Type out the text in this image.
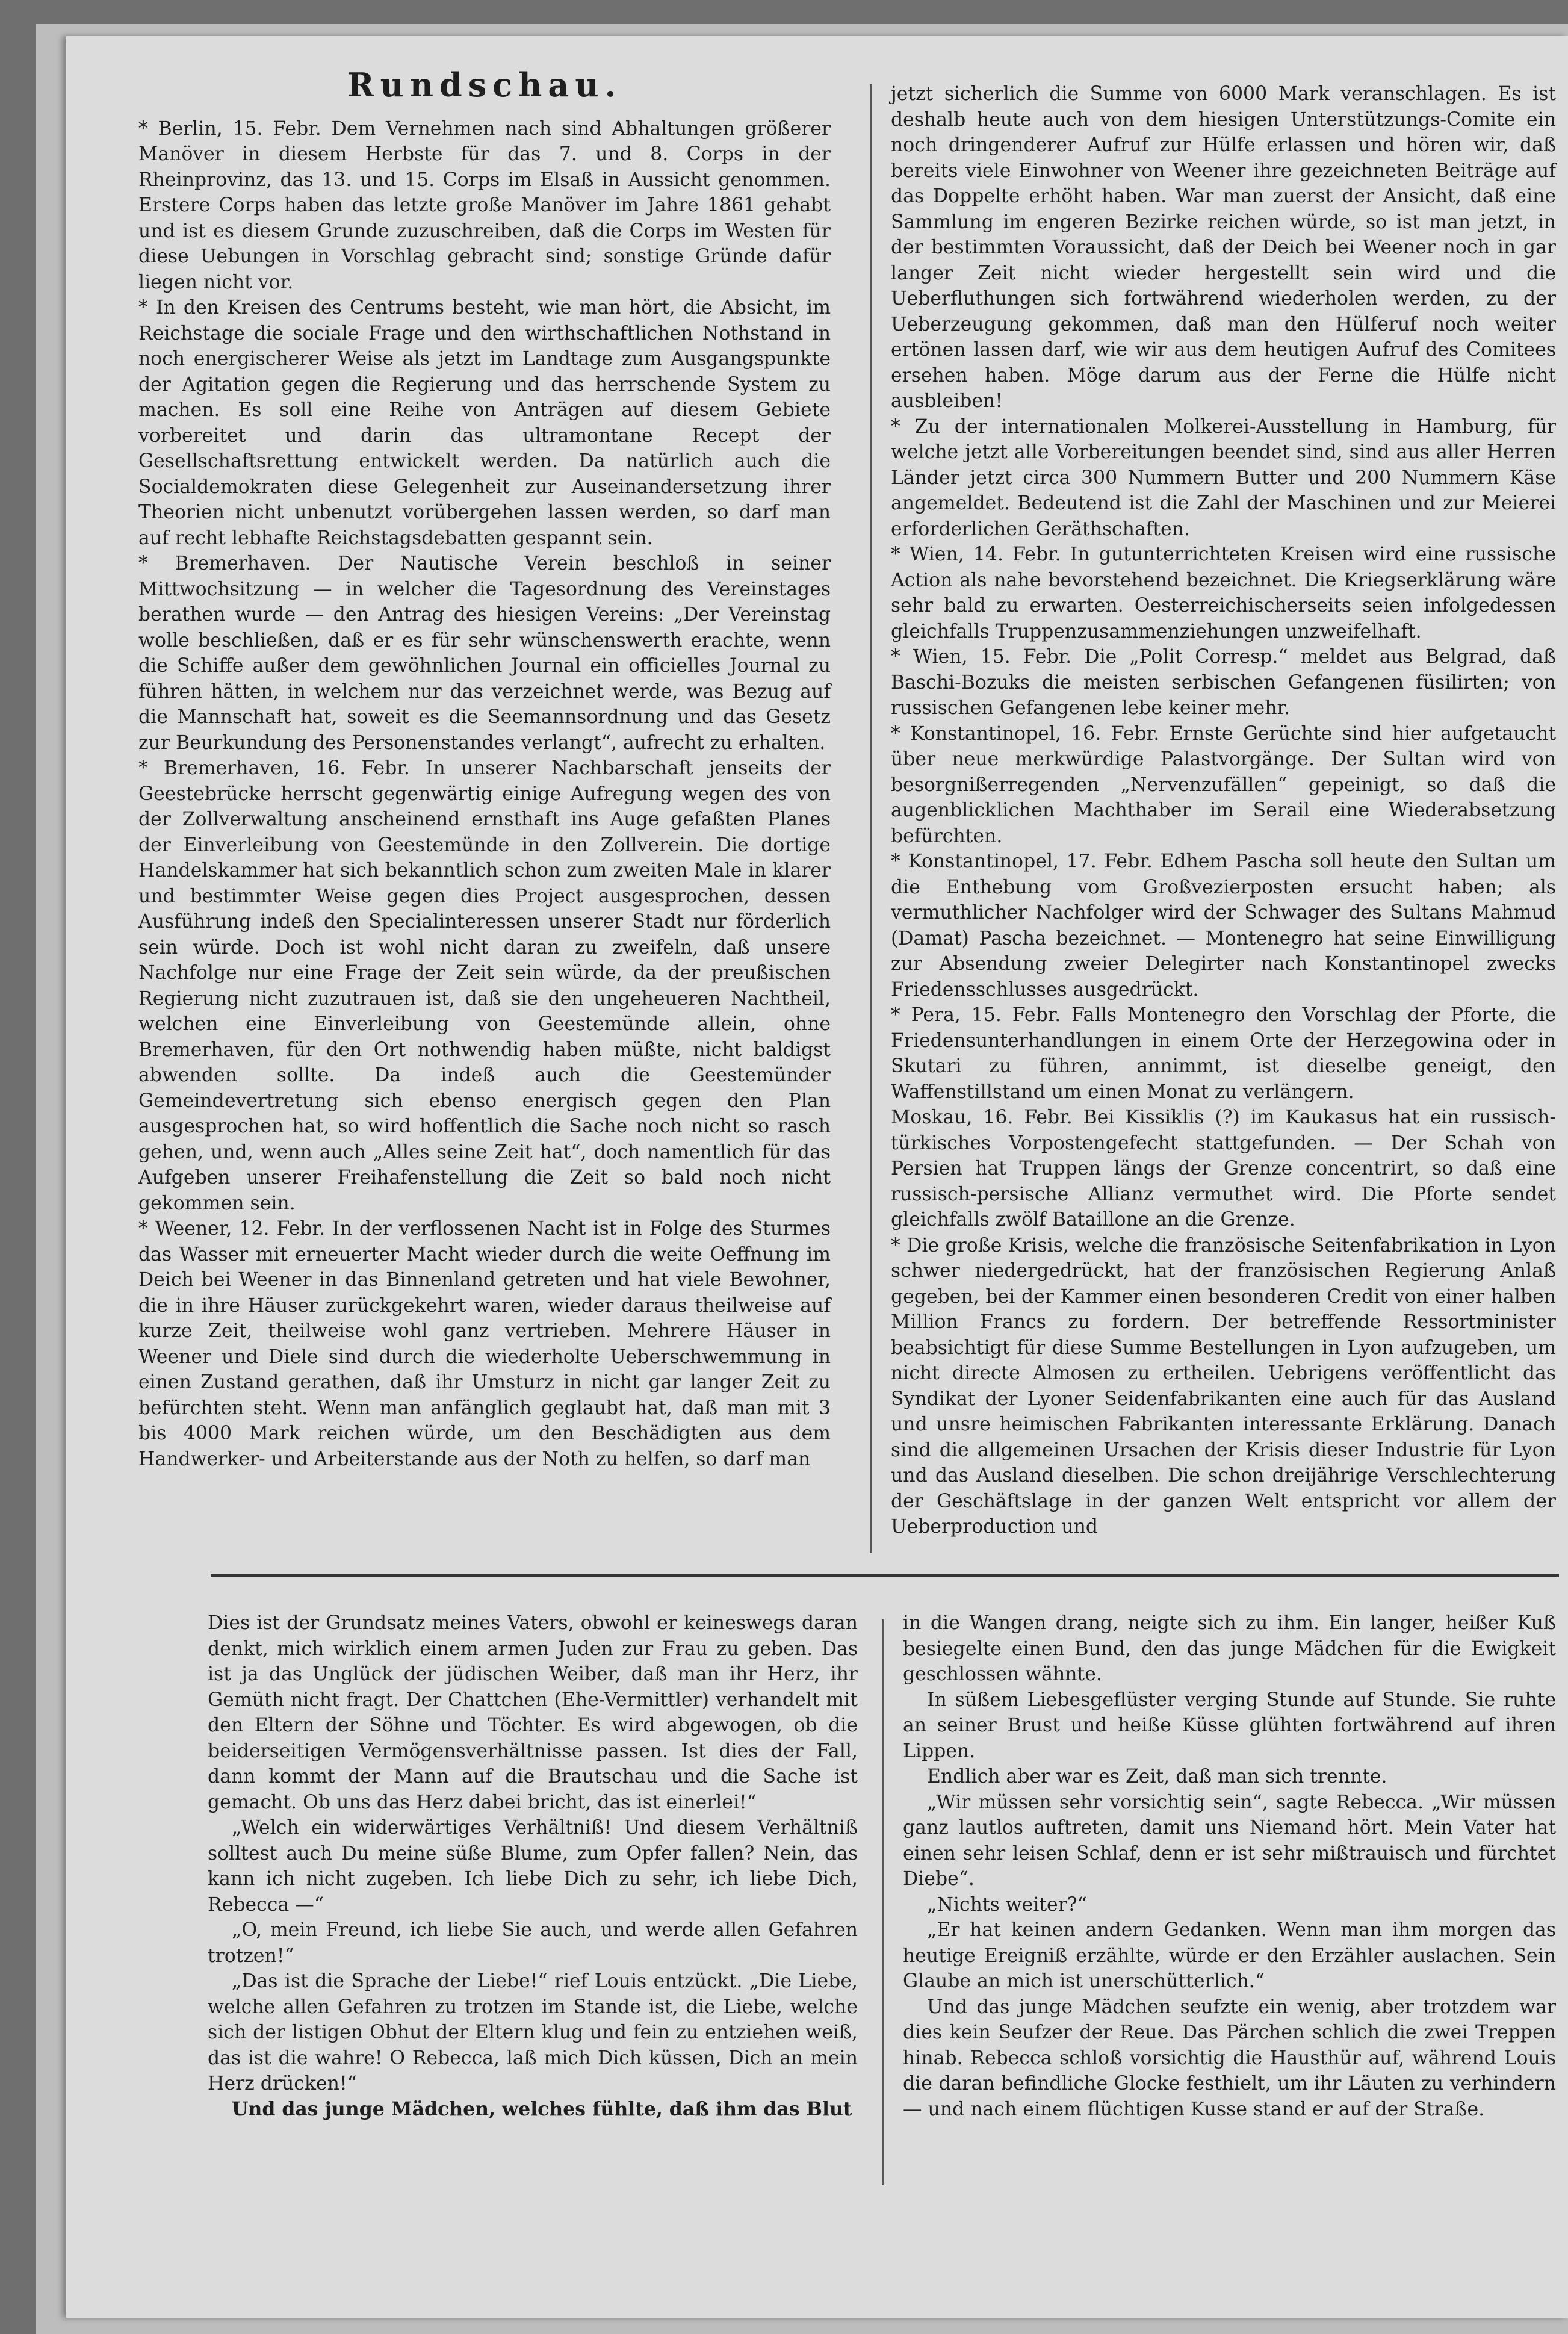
Rundschau.

* Berlin, 15. Febr. Dem Vernehmen nach sind Abhaltungen größerer Manöver in diesem Herbste für das 7. und 8. Corps in der Rheinprovinz, das 13. und 15. Corps im Elsaß in Aussicht genommen. Erstere Corps haben das letzte große Manöver im Jahre 1861 gehabt und ist es diesem Grunde zuzuschreiben, daß die Corps im Westen für diese Uebungen in Vorschlag gebracht sind; sonstige Gründe dafür liegen nicht vor.

* In den Kreisen des Centrums besteht, wie man hört, die Absicht, im Reichstage die sociale Frage und den wirthschaftlichen Nothstand in noch energischerer Weise als jetzt im Landtage zum Ausgangspunkte der Agitation gegen die Regierung und das herrschende System zu machen. Es soll eine Reihe von Anträgen auf diesem Gebiete vorbereitet und darin das ultramontane Recept der Gesellschaftsrettung entwickelt werden. Da natürlich auch die Socialdemokraten diese Gelegenheit zur Auseinandersetzung ihrer Theorien nicht unbenutzt vorübergehen lassen werden, so darf man auf recht lebhafte Reichstagsdebatten gespannt sein.

* Bremerhaven. Der Nautische Verein beschloß in seiner Mittwochsitzung — in welcher die Tagesordnung des Vereinstages berathen wurde — den Antrag des hiesigen Vereins: „Der Vereinstag wolle beschließen, daß er es für sehr wünschenswerth erachte, wenn die Schiffe außer dem gewöhnlichen Journal ein officielles Journal zu führen hätten, in welchem nur das verzeichnet werde, was Bezug auf die Mannschaft hat, soweit es die Seemannsordnung und das Gesetz zur Beurkundung des Personenstandes verlangt“, aufrecht zu erhalten.

* Bremerhaven, 16. Febr. In unserer Nachbarschaft jenseits der Geestebrücke herrscht gegenwärtig einige Aufregung wegen des von der Zollverwaltung anscheinend ernsthaft ins Auge gefaßten Planes der Einverleibung von Geestemünde in den Zollverein. Die dortige Handelskammer hat sich bekanntlich schon zum zweiten Male in klarer und bestimmter Weise gegen dies Project ausgesprochen, dessen Ausführung indeß den Specialinteressen unserer Stadt nur förderlich sein würde. Doch ist wohl nicht daran zu zweifeln, daß unsere Nachfolge nur eine Frage der Zeit sein würde, da der preußischen Regierung nicht zuzutrauen ist, daß sie den ungeheueren Nachtheil, welchen eine Einverleibung von Geestemünde allein, ohne Bremerhaven, für den Ort nothwendig haben müßte, nicht baldigst abwenden sollte. Da indeß auch die Geestemünder Gemeindevertretung sich ebenso energisch gegen den Plan ausgesprochen hat, so wird hoffentlich die Sache noch nicht so rasch gehen, und, wenn auch „Alles seine Zeit hat“, doch namentlich für das Aufgeben unserer Freihafenstellung die Zeit so bald noch nicht gekommen sein.

* Weener, 12. Febr. In der verflossenen Nacht ist in Folge des Sturmes das Wasser mit erneuerter Macht wieder durch die weite Oeffnung im Deich bei Weener in das Binnenland getreten und hat viele Bewohner, die in ihre Häuser zurückgekehrt waren, wieder daraus theilweise auf kurze Zeit, theilweise wohl ganz vertrieben. Mehrere Häuser in Weener und Diele sind durch die wiederholte Ueberschwemmung in einen Zustand gerathen, daß ihr Umsturz in nicht gar langer Zeit zu befürchten steht. Wenn man anfänglich geglaubt hat, daß man mit 3 bis 4000 Mark reichen würde, um den Beschädigten aus dem Handwerker- und Arbeiterstande aus der Noth zu helfen, so darf man

jetzt sicherlich die Summe von 6000 Mark veranschlagen. Es ist deshalb heute auch von dem hiesigen Unterstützungs-Comite ein noch dringenderer Aufruf zur Hülfe erlassen und hören wir, daß bereits viele Einwohner von Weener ihre gezeichneten Beiträge auf das Doppelte erhöht haben. War man zuerst der Ansicht, daß eine Sammlung im engeren Bezirke reichen würde, so ist man jetzt, in der bestimmten Voraussicht, daß der Deich bei Weener noch in gar langer Zeit nicht wieder hergestellt sein wird und die Ueberfluthungen sich fortwährend wiederholen werden, zu der Ueberzeugung gekommen, daß man den Hülferuf noch weiter ertönen lassen darf, wie wir aus dem heutigen Aufruf des Comitees ersehen haben. Möge darum aus der Ferne die Hülfe nicht ausbleiben!

* Zu der internationalen Molkerei-Ausstellung in Hamburg, für welche jetzt alle Vorbereitungen beendet sind, sind aus aller Herren Länder jetzt circa 300 Nummern Butter und 200 Nummern Käse angemeldet. Bedeutend ist die Zahl der Maschinen und zur Meierei erforderlichen Geräthschaften.

* Wien, 14. Febr. In gutunterrichteten Kreisen wird eine russische Action als nahe bevorstehend bezeichnet. Die Kriegserklärung wäre sehr bald zu erwarten. Oesterreichischerseits seien infolgedessen gleichfalls Truppenzusammenziehungen unzweifelhaft.

* Wien, 15. Febr. Die „Polit Corresp.“ meldet aus Belgrad, daß Baschi-Bozuks die meisten serbischen Gefangenen füsilirten; von russischen Gefangenen lebe keiner mehr.

* Konstantinopel, 16. Febr. Ernste Gerüchte sind hier aufgetaucht über neue merkwürdige Palastvorgänge. Der Sultan wird von besorgnißerregenden „Nervenzufällen“ gepeinigt, so daß die augenblicklichen Machthaber im Serail eine Wiederabsetzung befürchten.

* Konstantinopel, 17. Febr. Edhem Pascha soll heute den Sultan um die Enthebung vom Großvezierposten ersucht haben; als vermuthlicher Nachfolger wird der Schwager des Sultans Mahmud (Damat) Pascha bezeichnet. — Montenegro hat seine Einwilligung zur Absendung zweier Delegirter nach Konstantinopel zwecks Friedensschlusses ausgedrückt.

* Pera, 15. Febr. Falls Montenegro den Vorschlag der Pforte, die Friedensunterhandlungen in einem Orte der Herzegowina oder in Skutari zu führen, annimmt, ist dieselbe geneigt, den Waffenstillstand um einen Monat zu verlängern.

Moskau, 16. Febr. Bei Kissiklis (?) im Kaukasus hat ein russisch-türkisches Vorpostengefecht stattgefunden. — Der Schah von Persien hat Truppen längs der Grenze concentrirt, so daß eine russisch-persische Allianz vermuthet wird. Die Pforte sendet gleichfalls zwölf Bataillone an die Grenze.

* Die große Krisis, welche die französische Seitenfabrikation in Lyon schwer niedergedrückt, hat der französischen Regierung Anlaß gegeben, bei der Kammer einen besonderen Credit von einer halben Million Francs zu fordern. Der betreffende Ressortminister beabsichtigt für diese Summe Bestellungen in Lyon aufzugeben, um nicht directe Almosen zu ertheilen. Uebrigens veröffentlicht das Syndikat der Lyoner Seidenfabrikanten eine auch für das Ausland und unsre heimischen Fabrikanten interessante Erklärung. Danach sind die allgemeinen Ursachen der Krisis dieser Industrie für Lyon und das Ausland dieselben. Die schon dreijährige Verschlechterung der Geschäftslage in der ganzen Welt entspricht vor allem der Ueberproduction und

Dies ist der Grundsatz meines Vaters, obwohl er keineswegs daran denkt, mich wirklich einem armen Juden zur Frau zu geben. Das ist ja das Unglück der jüdischen Weiber, daß man ihr Herz, ihr Gemüth nicht fragt. Der Chattchen (Ehe-Vermittler) verhandelt mit den Eltern der Söhne und Töchter. Es wird abgewogen, ob die beiderseitigen Vermögensverhältnisse passen. Ist dies der Fall, dann kommt der Mann auf die Brautschau und die Sache ist gemacht. Ob uns das Herz dabei bricht, das ist einerlei!“

„Welch ein widerwärtiges Verhältniß! Und diesem Verhältniß solltest auch Du meine süße Blume, zum Opfer fallen? Nein, das kann ich nicht zugeben. Ich liebe Dich zu sehr, ich liebe Dich, Rebecca —“

„O, mein Freund, ich liebe Sie auch, und werde allen Gefahren trotzen!“

„Das ist die Sprache der Liebe!“ rief Louis entzückt. „Die Liebe, welche allen Gefahren zu trotzen im Stande ist, die Liebe, welche sich der listigen Obhut der Eltern klug und fein zu entziehen weiß, das ist die wahre! O Rebecca, laß mich Dich küssen, Dich an mein Herz drücken!“

Und das junge Mädchen, welches fühlte, daß ihm das Blut

in die Wangen drang, neigte sich zu ihm. Ein langer, heißer Kuß besiegelte einen Bund, den das junge Mädchen für die Ewigkeit geschlossen wähnte.

In süßem Liebesgeflüster verging Stunde auf Stunde. Sie ruhte an seiner Brust und heiße Küsse glühten fortwährend auf ihren Lippen.

Endlich aber war es Zeit, daß man sich trennte.

„Wir müssen sehr vorsichtig sein“, sagte Rebecca. „Wir müssen ganz lautlos auftreten, damit uns Niemand hört. Mein Vater hat einen sehr leisen Schlaf, denn er ist sehr mißtrauisch und fürchtet Diebe“.

„Nichts weiter?“

„Er hat keinen andern Gedanken. Wenn man ihm morgen das heutige Ereigniß erzählte, würde er den Erzähler auslachen. Sein Glaube an mich ist unerschütterlich.“

Und das junge Mädchen seufzte ein wenig, aber trotzdem war dies kein Seufzer der Reue. Das Pärchen schlich die zwei Treppen hinab. Rebecca schloß vorsichtig die Hausthür auf, während Louis die daran befindliche Glocke festhielt, um ihr Läuten zu verhindern — und nach einem flüchtigen Kusse stand er auf der Straße.
